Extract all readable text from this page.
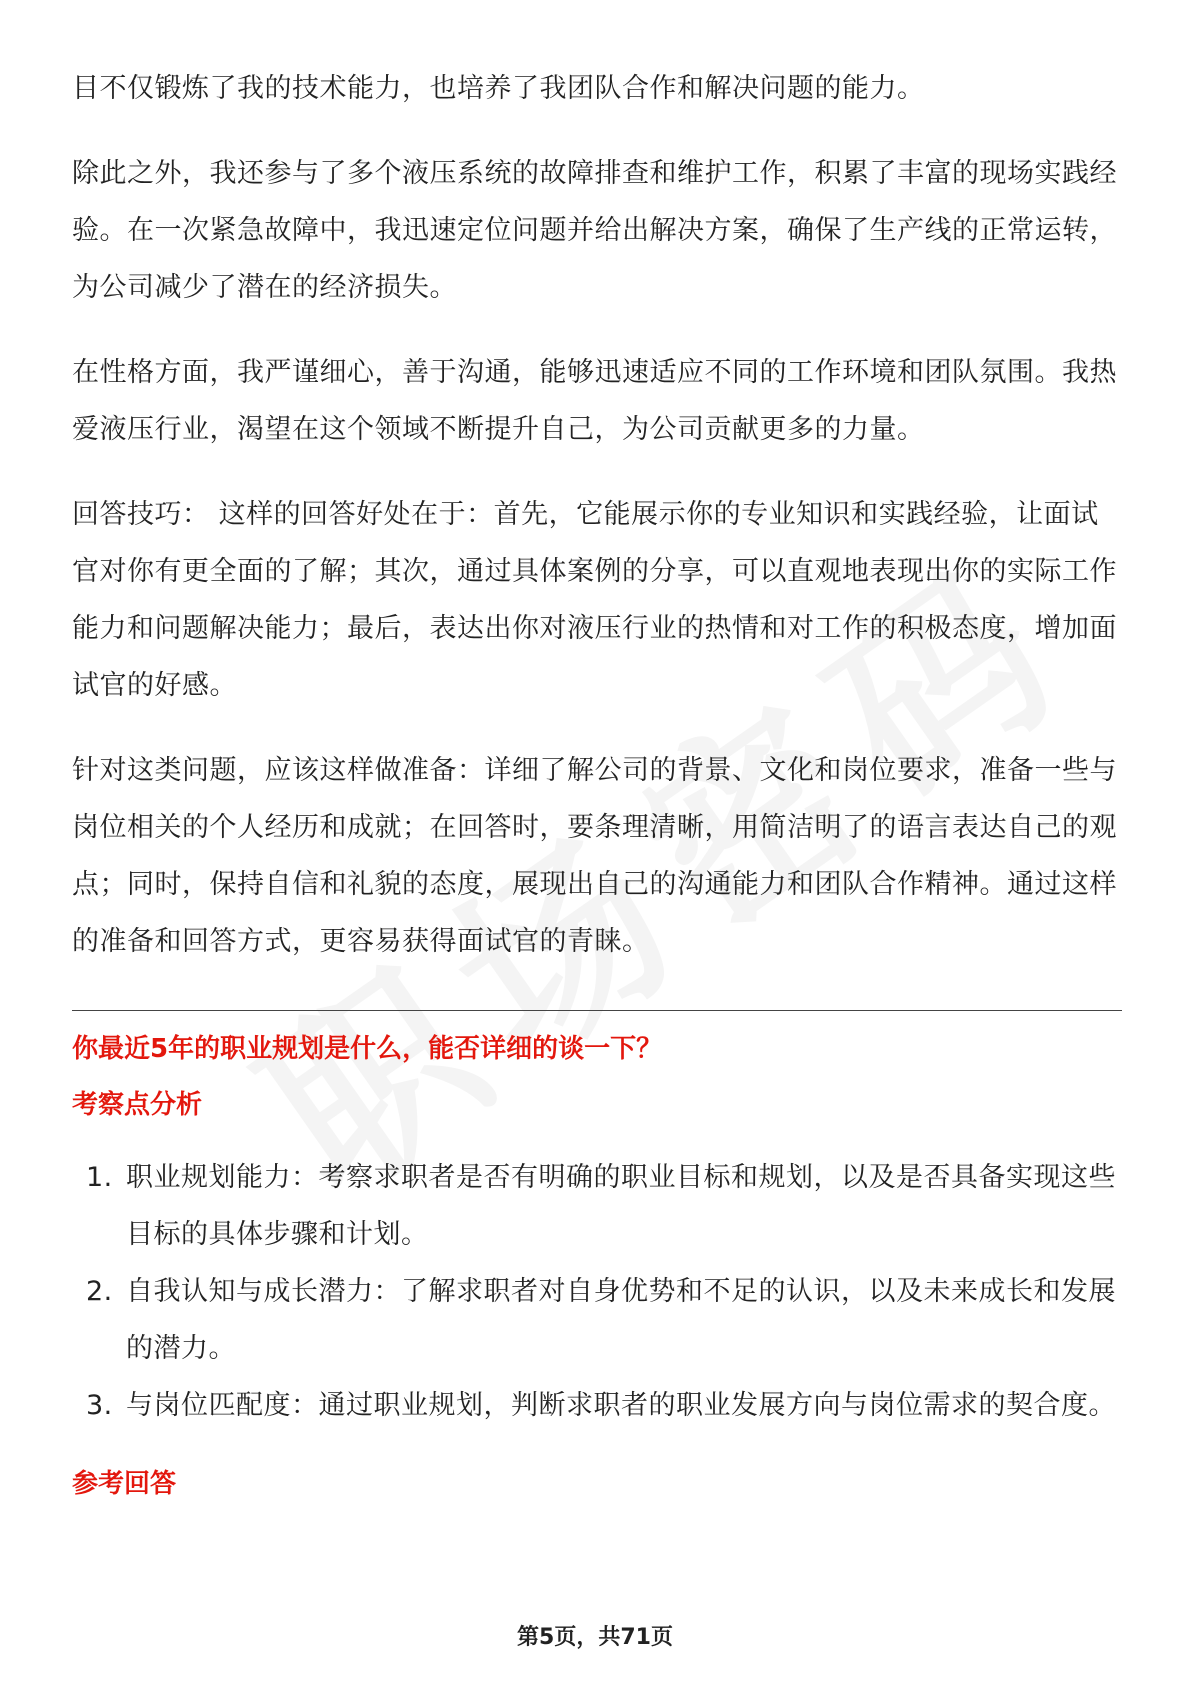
目不仅锻炼了我的技术能力，也培养了我团队合作和解决问题的能力。

除此之外，我还参与了多个液压系统的故障排查和维护工作，积累了丰富的现场实践经验。在一次紧急故障中，我迅速定位问题并给出解决方案，确保了生产线的正常运转，为公司减少了潜在的经济损失。

在性格方面，我严谨细心，善于沟通，能够迅速适应不同的工作环境和团队氛围。我热爱液压行业，渴望在这个领域不断提升自己，为公司贡献更多的力量。

回答技巧： 这样的回答好处在于：首先，它能展示你的专业知识和实践经验，让面试官对你有更全面的了解；其次，通过具体案例的分享，可以直观地表现出你的实际工作能力和问题解决能力；最后，表达出你对液压行业的热情和对工作的积极态度，增加面试官的好感。

针对这类问题，应该这样做准备：详细了解公司的背景、文化和岗位要求，准备一些与岗位相关的个人经历和成就；在回答时，要条理清晰，用简洁明了的语言表达自己的观点；同时，保持自信和礼貌的态度，展现出自己的沟通能力和团队合作精神。通过这样的准备和回答方式，更容易获得面试官的青睐。

你最近5年的职业规划是什么，能否详细的谈一下？
考察点分析
1. 职业规划能力：考察求职者是否有明确的职业目标和规划，以及是否具备实现这些目标的具体步骤和计划。
2. 自我认知与成长潜力：了解求职者对自身优势和不足的认识，以及未来成长和发展的潜力。
3. 与岗位匹配度：通过职业规划，判断求职者的职业发展方向与岗位需求的契合度。
参考回答
第5页，共71页
